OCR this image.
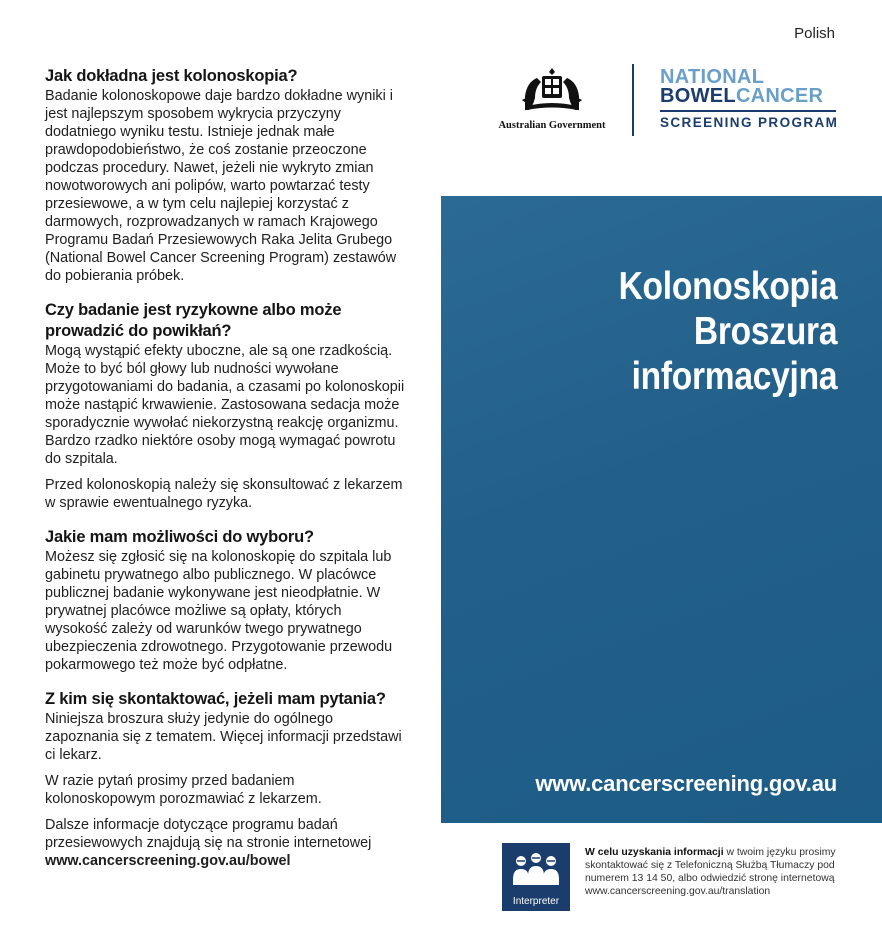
Polish
Jak dokładna jest kolonoskopia?

Badanie kolonoskopowe daje bardzo dokładne wyniki i jest najlepszym sposobem wykrycia przyczyny dodatniego wyniku testu. Istnieje jednak małe prawdopodobieństwo, że coś zostanie przeoczone podczas procedury. Nawet, jeżeli nie wykryto zmian nowotworowych ani polipów, warto powtarzać testy przesiewowe, a w tym celu najlepiej korzystać z darmowych, rozprowadzanych w ramach Krajowego Programu Badań Przesiewowych Raka Jelita Grubego (National Bowel Cancer Screening Program) zestawów do pobierania próbek.

Czy badanie jest ryzykowne albo może prowadzić do powikłań?

Mogą wystąpić efekty uboczne, ale są one rzadkością. Może to być ból głowy lub nudności wywołane przygotowaniami do badania, a czasami po kolonoskopii może nastąpić krwawienie. Zastosowana sedacja może sporadycznie wywołać niekorzystną reakcję organizmu. Bardzo rzadko niektóre osoby mogą wymagać powrotu do szpitala.

Przed kolonoskopią należy się skonsultować z lekarzem w sprawie ewentualnego ryzyka.

Jakie mam możliwości do wyboru?

Możesz się zgłosić się na kolonoskopię do szpitala lub gabinetu prywatnego albo publicznego. W placówce publicznej badanie wykonywane jest nieodpłatnie. W prywatnej placówce możliwe są opłaty, których wysokość zależy od warunków twego prywatnego ubezpieczenia zdrowotnego. Przygotowanie przewodu pokarmowego też może być odpłatne.

Z kim się skontaktować, jeżeli mam pytania?

Niniejsza broszura służy jedynie do ogólnego zapoznania się z tematem. Więcej informacji przedstawi ci lekarz.

W razie pytań prosimy przed badaniem kolonoskopowym porozmawiać z lekarzem.

Dalsze informacje dotyczące programu badań przesiewowych znajdują się na stronie internetowej www.cancerscreening.gov.au/bowel

Australian Government
NATIONAL
BOWELCANCER
SCREENING PROGRAM
Kolonoskopia
Broszura
informacyjna
www.cancerscreening.gov.au
Interpreter
W celu uzyskania informacji w twoim języku prosimy skontaktować się z Telefoniczną Służbą Tłumaczy pod numerem 13 14 50, albo odwiedzić stronę internetową
www.cancerscreening.gov.au/translation
